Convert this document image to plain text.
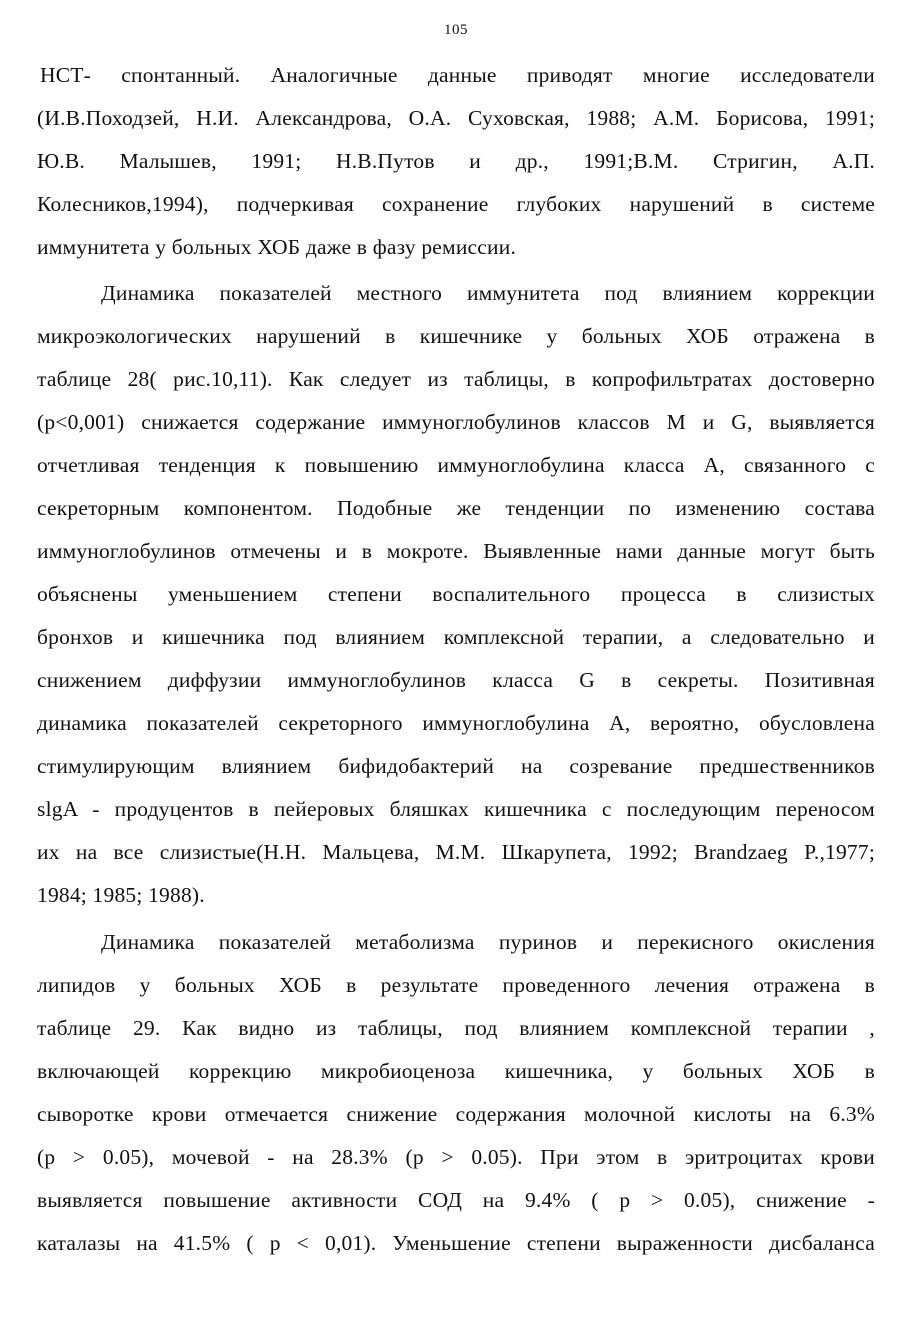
105
НСТ- спонтанный. Аналогичные данные приводят многие исследователи
(И.В.Походзей, Н.И. Александрова, О.А. Суховская, 1988; А.М. Борисова, 1991;
Ю.В. Малышев, 1991; Н.В.Путов и др., 1991;В.М. Стригин, А.П.
Колесников,1994), подчеркивая сохранение глубоких нарушений в системе
иммунитета у больных ХОБ даже в фазу ремиссии.
Динамика показателей местного иммунитета под влиянием коррекции
микроэкологических нарушений в кишечнике у больных ХОБ отражена в
таблице 28( рис.10,11). Как следует из таблицы, в копрофильтратах достоверно
(p<0,001) снижается содержание иммуноглобулинов классов M и G, выявляется
отчетливая тенденция к повышению иммуноглобулина класса А, связанного с
секреторным компонентом. Подобные же тенденции по изменению состава
иммуноглобулинов отмечены и в мокроте. Выявленные нами данные могут быть
объяснены уменьшением степени воспалительного процесса в слизистых
бронхов и кишечника под влиянием комплексной терапии, а следовательно и
снижением диффузии иммуноглобулинов класса G в секреты. Позитивная
динамика показателей секреторного иммуноглобулина А, вероятно, обусловлена
стимулирующим влиянием бифидобактерий на созревание предшественников
slgA - продуцентов в пейеровых бляшках кишечника с последующим переносом
их на все слизистые(Н.Н. Мальцева, М.М. Шкарупета, 1992; Brandzaeg P.,1977;
1984; 1985; 1988).
Динамика показателей метаболизма пуринов и перекисного окисления
липидов у больных ХОБ в результате проведенного лечения отражена в
таблице 29. Как видно из таблицы, под влиянием комплексной терапии ,
включающей коррекцию микробиоценоза кишечника, у больных ХОБ в
сыворотке крови отмечается снижение содержания молочной кислоты на 6.3%
(р > 0.05), мочевой - на 28.3% (р > 0.05). При этом в эритроцитах крови
выявляется повышение активности СОД на 9.4% ( р > 0.05), снижение -
каталазы на 41.5% ( р < 0,01). Уменьшение степени выраженности дисбаланса
